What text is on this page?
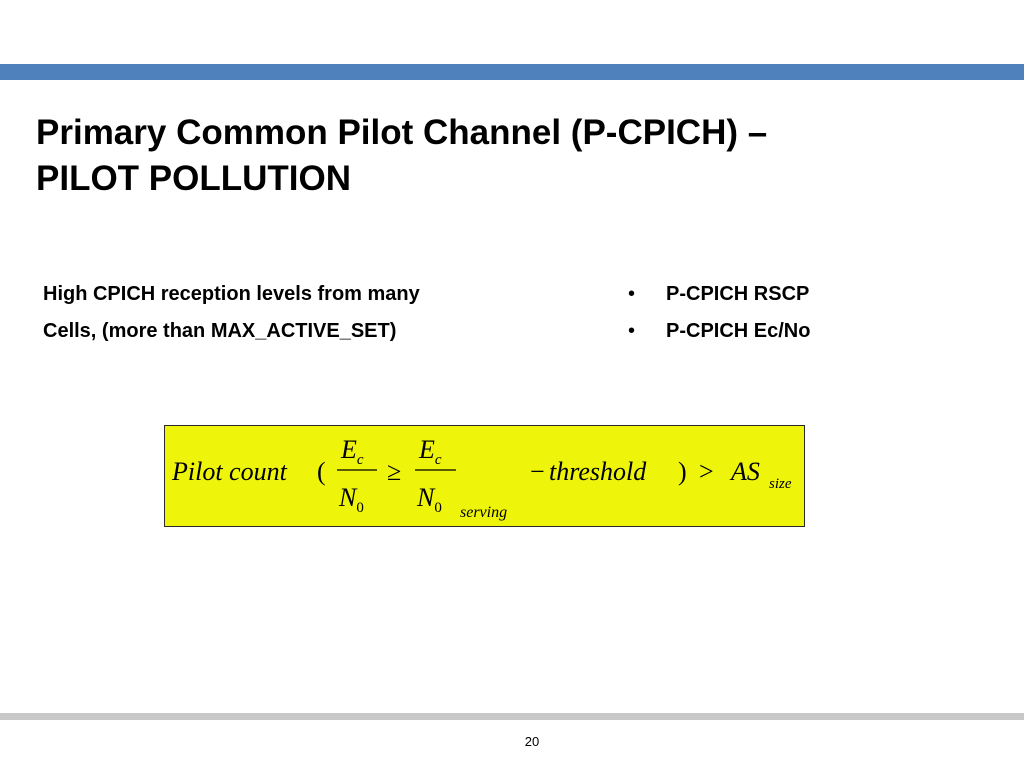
Primary Common Pilot Channel (P-CPICH) –
PILOT POLLUTION
High CPICH reception levels from many
Cells, (more than MAX_ACTIVE_SET)
• P-CPICH RSCP
• P-CPICH Ec/No
Pilot count (
$E_c$
$N_0$
≥
$E_c$
$N_0$ serving
− threshold ) > AS size
20
